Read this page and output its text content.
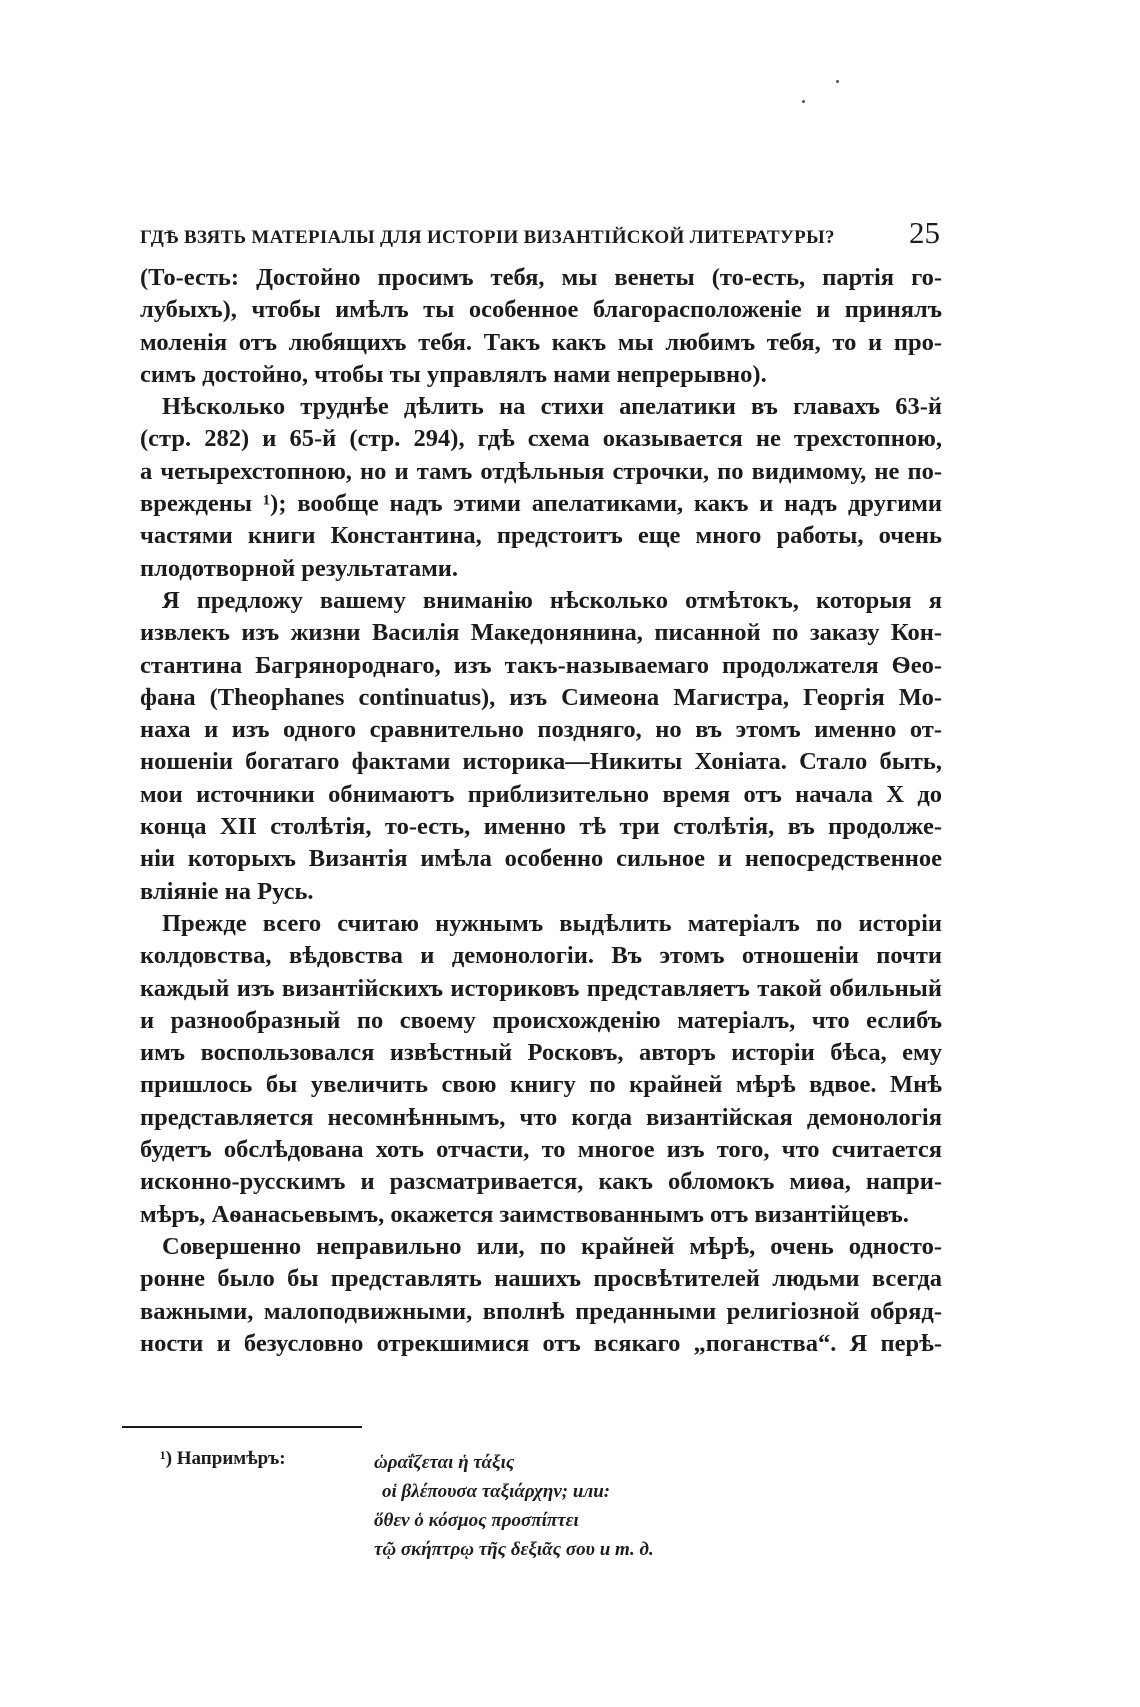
ГДѢ ВЗЯТЬ МАТЕРІАЛЫ ДЛЯ ИСТОРІИ ВИЗАНТІЙСКОЙ ЛИТЕРАТУРЫ? 25
(То-есть: Достойно просимъ тебя, мы венеты (то-есть, партія го-
лубыхъ), чтобы имѣлъ ты особенное благорасположеніе и принялъ
моленія отъ любящихъ тебя. Такъ какъ мы любимъ тебя, то и про-
симъ достойно, чтобы ты управлялъ нами непрерывно).
Нѣсколько труднѣе дѣлить на стихи апелатики въ главахъ 63-й
(стр. 282) и 65-й (стр. 294), гдѣ схема оказывается не трехстопною,
а четырехстопною, но и тамъ отдѣльныя строчки, по видимому, не по-
вреждены ¹); вообще надъ этими апелатиками, какъ и надъ другими
частями книги Константина, предстоитъ еще много работы, очень
плодотворной результатами.
Я предложу вашему вниманію нѣсколько отмѣтокъ, которыя я
извлекъ изъ жизни Василія Македонянина, писанной по заказу Кон-
стантина Багрянороднаго, изъ такъ-называемаго продолжателя Ѳео-
фана (Theophanes continuatus), изъ Симеона Магистра, Георгія Мо-
наха и изъ одного сравнительно поздняго, но въ этомъ именно от-
ношеніи богатаго фактами историка—Никиты Хоніата. Стало быть,
мои источники обнимаютъ приблизительно время отъ начала X до
конца XII столѣтія, то-есть, именно тѣ три столѣтія, въ продолже-
ніи которыхъ Византія имѣла особенно сильное и непосредственное
вліяніе на Русь.
Прежде всего считаю нужнымъ выдѣлить матеріалъ по исторіи
колдовства, вѣдовства и демонологіи. Въ этомъ отношеніи почти
каждый изъ византійскихъ историковъ представляетъ такой обильный
и разнообразный по своему происхожденію матеріалъ, что еслибъ
имъ воспользовался извѣстный Росковъ, авторъ исторіи бѣса, ему
пришлось бы увеличить свою книгу по крайней мѣрѣ вдвое. Мнѣ
представляется несомнѣннымъ, что когда византійская демонологія
будетъ обслѣдована хоть отчасти, то многое изъ того, что считается
исконно-русскимъ и разсматривается, какъ обломокъ миѳа, напри-
мѣръ, Аѳанасьевымъ, окажется заимствованнымъ отъ византійцевъ.
Совершенно неправильно или, по крайней мѣрѣ, очень односто-
ронне было бы представлять нашихъ просвѣтителей людьми всегда
важными, малоподвижными, вполнѣ преданными религіозной обряд-
ности и безусловно отрекшимися отъ всякаго „поганства“. Я перѣ-
¹) Напримѣръ:	ὡραΐζεται ἡ τάξις
οἱ βλέπουσα ταξιάρχην; или:
ὅθεν ὁ κόσμος προσπίπτει
τῷ σκήπτρῳ τῆς δεξιᾶς σου и т. д.
